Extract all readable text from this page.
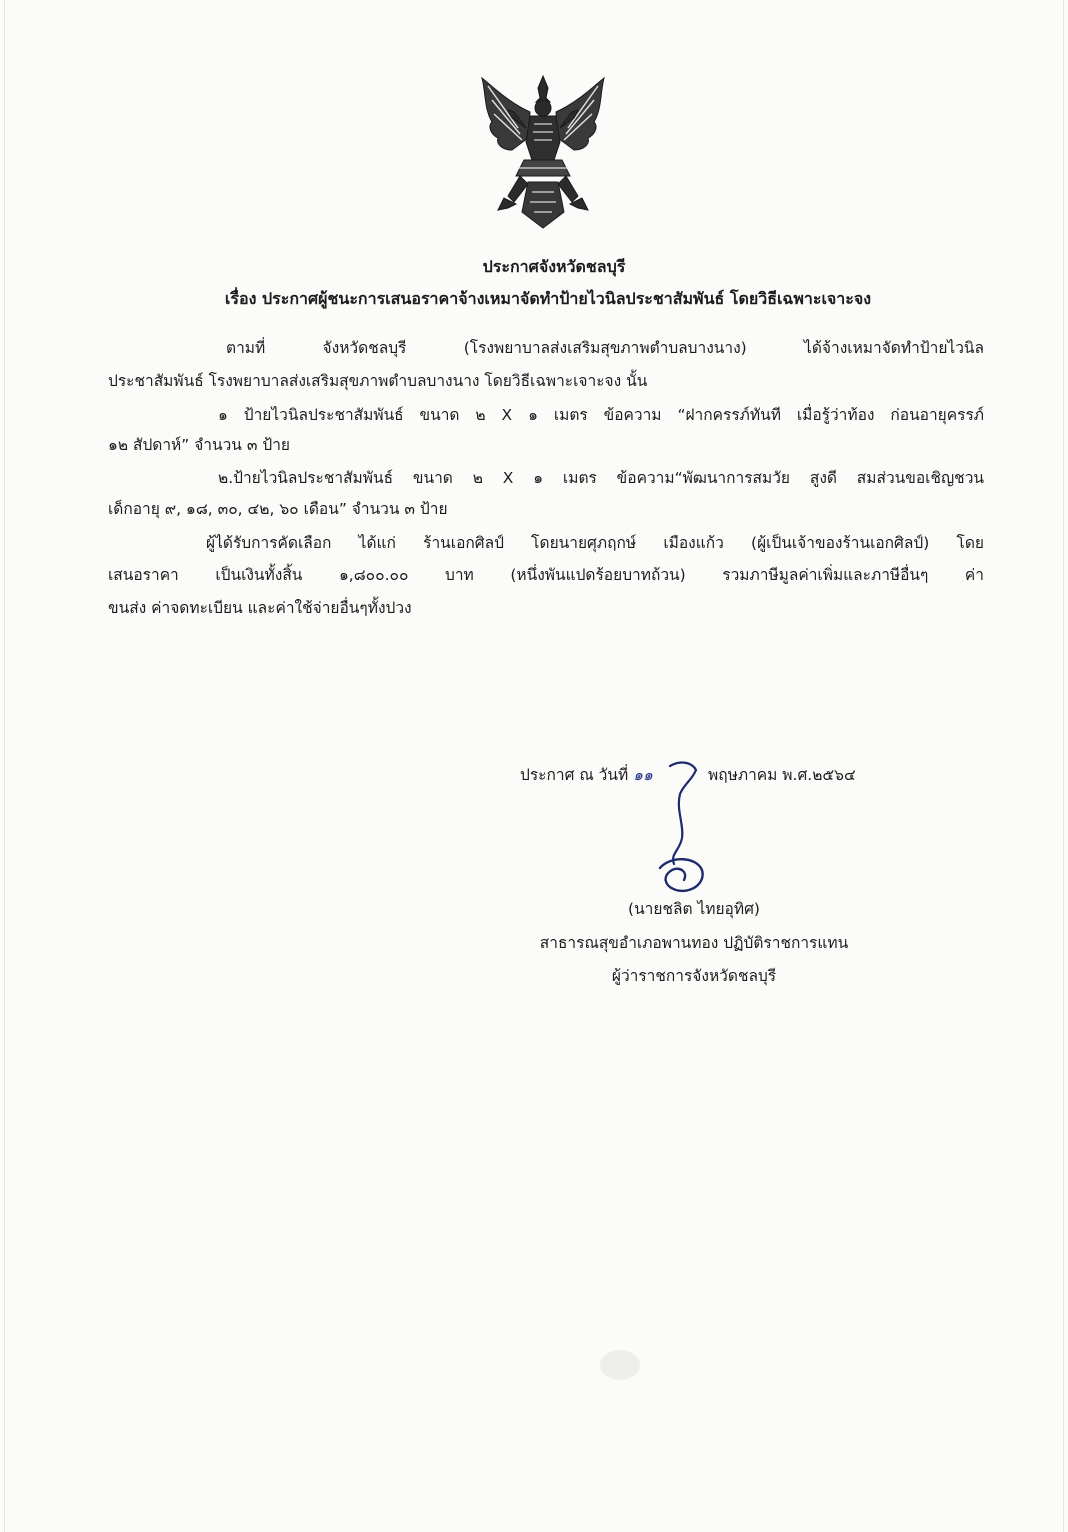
ประกาศจังหวัดชลบุรี
เรื่อง ประกาศผู้ชนะการเสนอราคาจ้างเหมาจัดทำป้ายไวนิลประชาสัมพันธ์ โดยวิธีเฉพาะเจาะจง
ตามที่ จังหวัดชลบุรี (โรงพยาบาลส่งเสริมสุขภาพตำบลบางนาง) ได้จ้างเหมาจัดทำป้ายไวนิล
ประชาสัมพันธ์ โรงพยาบาลส่งเสริมสุขภาพตำบลบางนาง โดยวิธีเฉพาะเจาะจง นั้น
๑ ป้ายไวนิลประชาสัมพันธ์ ขนาด ๒ X ๑ เมตร ข้อความ “ฝากครรภ์ทันที เมื่อรู้ว่าท้อง ก่อนอายุครรภ์
๑๒ สัปดาห์” จำนวน ๓ ป้าย
๒.ป้ายไวนิลประชาสัมพันธ์ ขนาด ๒ X ๑ เมตร ข้อความ“พัฒนาการสมวัย สูงดี สมส่วนขอเชิญชวน
เด็กอายุ ๙, ๑๘, ๓๐, ๔๒, ๖๐ เดือน” จำนวน ๓ ป้าย
ผู้ได้รับการคัดเลือก ได้แก่ ร้านเอกศิลป์ โดยนายศุภฤกษ์ เมืองแก้ว (ผู้เป็นเจ้าของร้านเอกศิลป์) โดย
เสนอราคา เป็นเงินทั้งสิ้น ๑,๘๐๐.๐๐ บาท (หนึ่งพันแปดร้อยบาทถ้วน) รวมภาษีมูลค่าเพิ่มและภาษีอื่นๆ ค่า
ขนส่ง ค่าจดทะเบียน และค่าใช้จ่ายอื่นๆทั้งปวง
ประกาศ ณ วันที่ ๑๑	พฤษภาคม พ.ศ.๒๕๖๔
(นายชลิต ไทยอุทิศ)
สาธารณสุขอำเภอพานทอง ปฏิบัติราชการแทน
ผู้ว่าราชการจังหวัดชลบุรี
